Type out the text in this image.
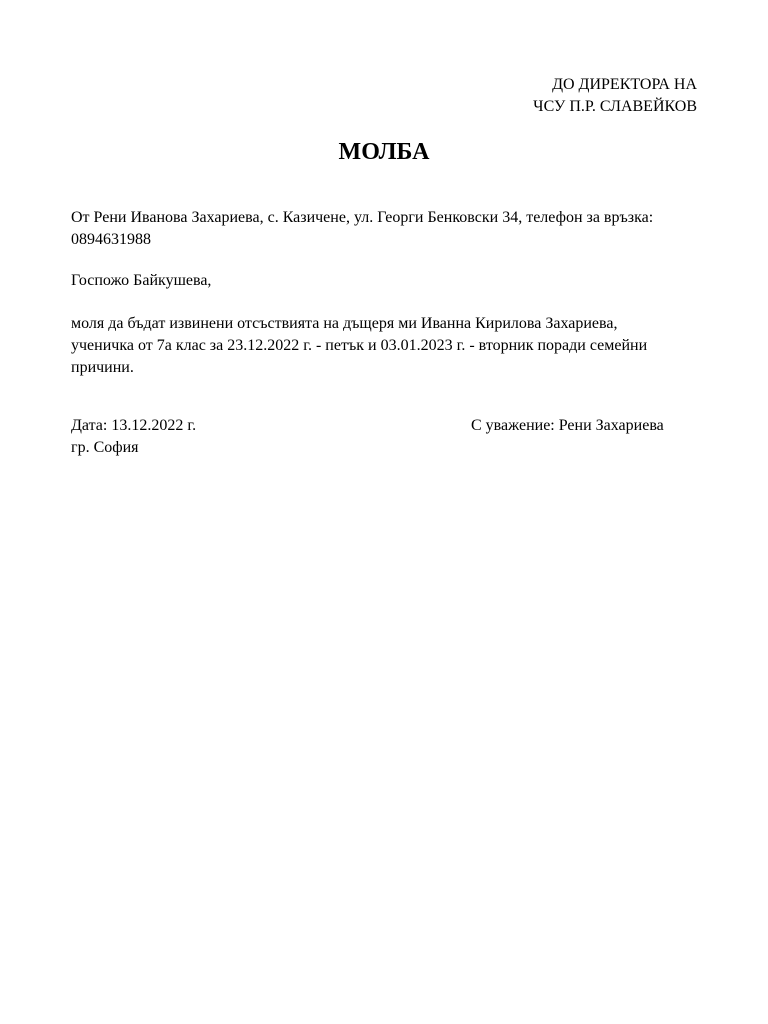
ДО ДИРЕКТОРА НА
ЧСУ П.Р. СЛАВЕЙКОВ
МОЛБА
От Рени Иванова Захариева, с. Казичене, ул. Георги Бенковски 34, телефон за връзка: 0894631988
Госпожо Байкушева,
моля да бъдат извинени отсъствията на дъщеря ми Иванна Кирилова Захариева, ученичка от 7а клас за 23.12.2022 г. - петък и 03.01.2023 г. - вторник поради семейни причини.
Дата: 13.12.2022 г.
гр. София
С уважение: Рени Захариева
